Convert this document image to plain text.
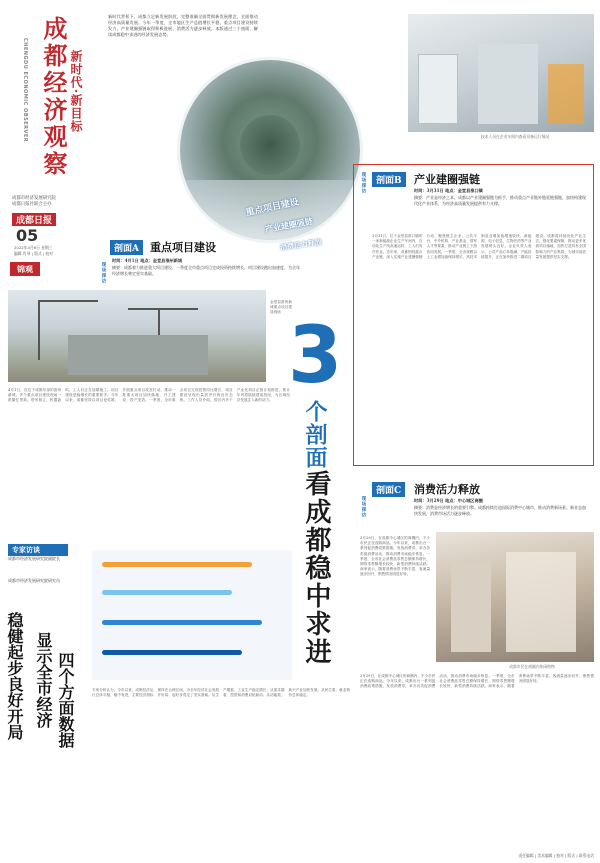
成都经济观察 新时代·新目标
CHENGDU ECONOMIC OBSERVER
成都市经济发展研究院
成都日报社联合主办
成都日报
05
2022年4月6日 星期三
编辑 肖琴 | 版式 | 校对
锦观
新时代背景下，成都立足新发展阶段，完整准确全面贯彻新发展理念，全面推动经济高质量发展。今年一季度，全市地区生产总值增长平稳，重点项目建设持续发力，产业建圈强链取得积极进展，消费活力逐步释放。本版通过三个剖面，解读成都稳中求进的经济发展态势。
重点项目建设
产业建圈强链
消费活力释放
3
个剖面
看成都稳中求进
技术人员在企业车间内查看设备运行情况
剖面B	产业建圈强链
现场探访	时间：3月31日 地点：金堂县淮口镇
摘要：产业是经济之本。成都以产业建圈强链为抓手，推动重点产业链补链延链强链，加快构建现代化产业体系，为经济高质量发展提供有力支撑。
3月31日，位于金堂县淮口镇的一家新能源企业生产车间内，自动化生产线高速运转，工人们有序作业。近年来，成都围绕重点产业链，深入实施产业建圈强链行动，聚焦链主企业、公共平台、中介机构、产业基金、领军人才等要素，推动产业链上下游协同发展。一季度，全市规模以上工业增加值保持增长，高技术制造业增加值增速较快，新能源、电子信息、生物医药等产业发展势头良好。企业负责人表示，公司产品订单饱满，产能持续提升，正在加快推进二期项目建设。成都将持续优化产业生态，强化要素保障，推动更多优质项目落地，加快打造具有全国影响力的产业集群，为城市高质量发展提供坚实支撑。
剖面A	重点项目建设
现场探访
时间：4月1日 地点：金堂县淮州新城
摘要：成都着力推进重大项目建设，一季度全市重点项目完成投资持续增长，项目建设跑出加速度，为全年经济增长奠定坚实基础。
金堂县淮州新城重点项目建设现场
4月1日，在位于成都东部的淮州新城，多个重点项目建设现场一派繁忙景象。塔吊林立，机器轰鸣，工人们正在加紧施工。项目建设是稳增长的重要抓手。今年以来，成都坚持以项目论英雄，开展重点项目攻坚行动，推动一批重大项目加快落地、开工建设、投产见效。一季度，全市重点项目完成投资同比增长，项目建设呈现出量质齐升的良好态势。工作人员介绍，园区内多个产业化项目正按计划推进，预计年内将陆续建成投用，为区域经济发展注入新的动力。
剖面C	消费活力释放
现场探访	时间：3月29日 地点：中心城区商圈
摘要：消费是经济增长的重要引擎。成都持续打造国际消费中心城市，推动消费新场景、新业态加快发展，消费市场活力逐步释放。
3月29日，在成都中心城区的商圈内，不少市民正在选购商品。今年以来，成都出台一系列促消费政策措施，发放消费券，举办各类促消费活动，推动消费市场稳步恢复。一季度，全市社会消费品零售总额保持增长，网络零售额增长较快，新型消费持续活跃。商家表示，随着消费场景不断丰富，客流量逐步回升，销售情况明显好转。
成都市民在商圈内休闲购物
3月29日，在成都中心城区的商圈内，不少市民正在选购商品。今年以来，成都出台一系列促消费政策措施，发放消费券，举办各类促消费活动，推动消费市场稳步恢复。一季度，全市社会消费品零售总额保持增长，网络零售额增长较快，新型消费持续活跃。商家表示，随着消费场景不断丰富，客流量逐步回升，销售情况明显好转。
专家访谈
成都市经济发展研究院副院长
成都市经济发展研究院研究员
稳健起步良好开局 显示全市经济 四个方面数据	专家分析认为，今年以来，成都经济运行总体平稳、稳中有进，主要经济指标保持在合理区间，为全年经济社会发展开好局、起好步奠定了坚实基础。从生产端看，工业生产稳定增长；从需求端看，投资和消费双轮驱动；从动能看，新兴产业加快发展；从民生看，就业物价总体稳定。
责任编辑 | 美术编辑 | 校对 | 版式 | 联系电话
